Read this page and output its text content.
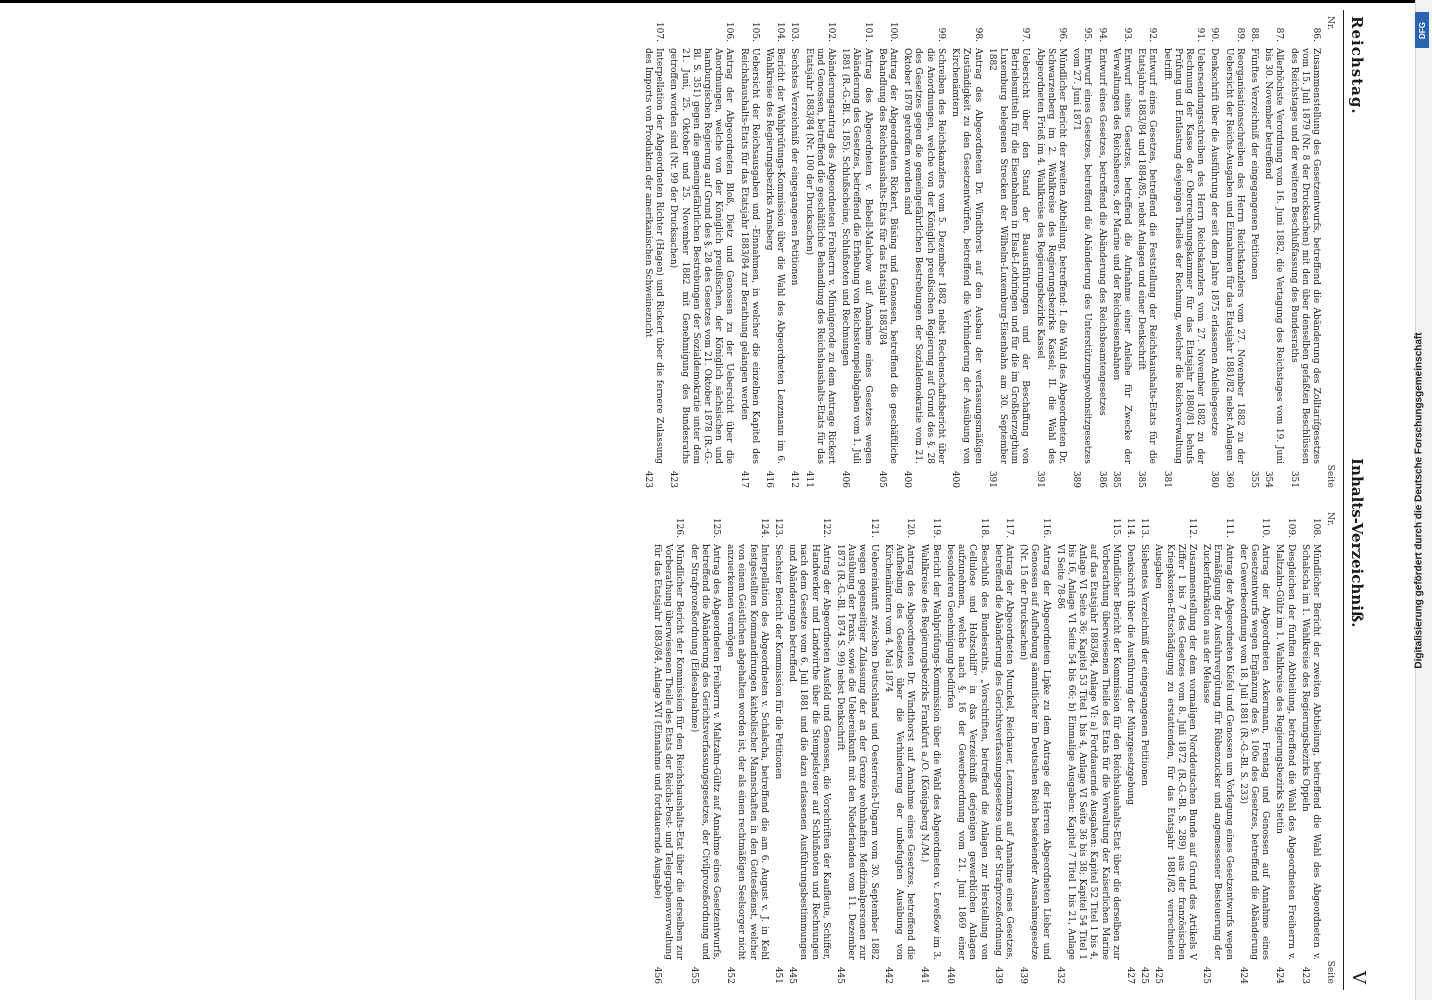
Reichstag.
Inhalts-Verzeichniß.
V
Nr.
Seite
86.
Zusammenstellung des Gesetzentwurfs, betreffend die Abänderung des Zolltarifgesetzes vom 15. Juli 1879 (Nr. 8 der Drucksachen) mit den über denselben gefaßten Beschlüssen des Reichstages und der weiteren Beschlußfassung des Bundesraths
351
87.
Allerhöchste Verordnung vom 16. Juni 1882, die Vertagung des Reichstages vom 19. Juni bis 30. November betreffend
354
88.
Fünftes Verzeichniß der eingegangenen Petitionen
355
89.
Reorganisationsschreiben des Herrn Reichskanzlers vom 27. November 1882 zu der Uebersicht der Reichs-Ausgaben und Einnahmen für das Etatsjahr 1881/82 nebst Anlagen
360
90.
Denkschrift über die Ausführung der seit dem Jahre 1875 erlassenen Anleihegesetze
380
91.
Uebersendungsschreiben des Herrn Reichskanzlers vom 27. November 1882 zu der Rechnung der Kasse der Oberrechnungskammer für das Etatsjahr 1880/81 behufs Prüfung und Entlastung desjenigen Theiles der Rechnung, welcher die Reichsverwaltung betrifft
381
92.
Entwurf eines Gesetzes, betreffend die Feststellung der Reichshaushalts-Etats für die Etatsjahre 1883/84 und 1884/85, nebst Anlagen und einer Denkschrift
385
93.
Entwurf eines Gesetzes, betreffend die Aufnahme einer Anleihe für Zwecke der Verwaltungen des Reichsheeres, der Marine und der Reichseisenbahnen
385
94.
Entwurf eines Gesetzes, betreffend die Abänderung des Reichsbeamtengesetzes
386
95.
Entwurf eines Gesetzes, betreffend die Abänderung des Unterstützungswohnsitzgesetzes vom 27. Juni 1871
389
96.
Mündlicher Bericht der zweiten Abtheilung, betreffend: I. die Wahl des Abgeordneten Dr. Schwarzenberg im 2. Wahlkreise des Regierungsbezirks Kassel; II. die Wahl des Abgeordneten Frieß im 4. Wahlkreise des Regierungsbezirks Kassel
391
97.
Uebersicht über den Stand der Bauausführungen und der Beschaffung von Betriebsmitteln für die Eisenbahnen in Elsaß-Lothringen und für die im Großherzogthum Luxemburg belegenen Strecken der Wilhelm-Luxemburg-Eisenbahn am 30. September 1882
391
98.
Antrag des Abgeordneten Dr. Windthorst auf den Ausbau der verfassungsmäßigen Zuständigkeit zu den Gesetzentwürfen, betreffend die Verhinderung der Ausübung von Kirchenämtern
400
99.
Schreiben des Reichskanzlers vom 5. Dezember 1882 nebst Rechenschaftsbericht über die Anordnungen, welche von der Königlich preußischen Regierung auf Grund des §. 28 des Gesetzes gegen die gemeingefährlichen Bestrebungen der Sozialdemokratie vom 21. Oktober 1878 getroffen worden sind
400
100.
Antrag der Abgeordneten Rickert, Büsing und Genossen, betreffend die geschäftliche Behandlung des Reichshaushalts-Etats für das Etatsjahr 1883/84
405
101.
Antrag des Abgeordneten v. Bebell-Malchow auf Annahme eines Gesetzes wegen Abänderung des Gesetzes, betreffend die Erhebung von Reichsstempelabgaben vom 1. Juli 1881 (R.-G.-Bl. S. 185). Schlußscheine, Schlußnoten und Rechnungen
406
102.
Abänderungsantrag des Abgeordneten Freiherrn v. Minnigerode zu dem Antrage Rickert und Genossen, betreffend die geschäftliche Behandlung des Reichshaushalts-Etats für das Etatsjahr 1883/84 (Nr. 100 der Drucksachen)
411
103.
Sechstes Verzeichniß der eingegangenen Petitionen
412
104.
Bericht der Wahlprüfungs-Kommission über die Wahl des Abgeordneten Lenzmann im 6. Wahlkreise des Regierungsbezirks Arnsberg
416
105.
Uebersicht der Reichsausgaben und -Einnahmen, in welcher die einzelnen Kapitel des Reichshaushalts-Etats für das Etatsjahr 1883/84 zur Berathung gelangen werden
417
106.
Antrag der Abgeordneten Bloß, Dietz und Genossen zu der Uebersicht über die Anordnungen, welche von der Königlich preußischen, der Königlich sächsischen und hamburgischen Regierung auf Grund des §. 28 des Gesetzes vom 21. Oktober 1878 (R.-G.-Bl. S. 351) gegen die gemeingefährlichen Bestrebungen der Sozialdemokratie unter dem 21. Juni, 25. Oktober und 25. November 1882 mit Genehmigung des Bundesraths getroffen worden sind (Nr. 99 der Drucksachen)
423
107.
Interpellation der Abgeordneten Richter (Hagen) und Rickert über die fernere Zulassung des Imports von Produkten der amerikanischen Schweinezucht
423
Nr.
Seite
108.
Mündlicher Bericht der zweiten Abtheilung, betreffend die Wahl des Abgeordneten v. Schalscha im 1. Wahlkreise des Regierungsbezirks Oppeln
423
109.
Desgleichen der fünften Abtheilung, betreffend die Wahl des Abgeordneten Freiherrn v. Maltzahn-Gültz im 1. Wahlkreise des Regierungsbezirks Stettin
424
110.
Antrag der Abgeordneten Ackermann, Frentag und Genossen auf Annahme eines Gesetzentwurfs wegen Ergänzung des §. 100e des Gesetzes, betreffend die Abänderung der Gewerbeordnung vom 18. Juli 1881 (R.-G.-Bl. S. 233)
424
111.
Antrag der Abgeordneten Kiefel und Genossen um Vorlegung eines Gesetzentwurfs wegen Ermäßigung der Ausfuhrvergütung für Rübenzucker und angemessener Besteuerung der Zuckerfabrikation aus der Melasse
425
112.
Zusammenstellung der dem vormaligen Norddeutschen Bunde auf Grund des Artikels V Ziffer 1 bis 7 des Gesetzes vom 8. Juli 1872 (R.-G.-Bl. S. 289) aus der französischen Kriegskosten-Entschädigung zu erstattenden, für das Etatsjahr 1881/82 verrechneten Ausgaben
425
113.
Siebentes Verzeichniß der eingegangenen Petitionen
425
114.
Denkschrift über die Ausführung der Münzgesetzgebung
427
115.
Mündlicher Bericht der Kommission für den Reichshaushalts-Etat über die derselben zur Vorberathung überwiesenen Theile des Etats für die Verwaltung der Kaiserlichen Marine auf das Etatsjahr 1883/84, Anlage VI: a) Fortdauernde Ausgaben: Kapitel 52 Titel 1 bis 4, Anlage VI Seite 36; Kapitel 53 Titel 1 bis 4, Anlage VI Seite 36 bis 38; Kapitel 54 Titel 1 bis 16, Anlage VI Seite 54 bis 66; b) Einmalige Ausgaben: Kapitel 7 Titel 1 bis 21, Anlage VI Seite 78-86
432
116.
Antrag der Abgeordneten Lipke zu dem Antrage der Herren Abgeordneten Lieber und Genossen auf Aufhebung sämmtlicher im Deutschen Reich bestehender Ausnahmegesetze (Nr. 15 der Drucksachen)
439
117.
Antrag der Abgeordneten Munckel, Reichauer, Lenzmann auf Annahme eines Gesetzes, betreffend die Abänderung des Gerichtsverfassungsgesetzes und der Strafprozeßordnung
439
118.
Beschluß des Bundesraths, „Vorschriften, betreffend die Anlagen zur Herstellung von Cellulose und Holzschliff“ in das Verzeichniß derjenigen gewerblichen Anlagen aufzunehmen, welche nach §. 16 der Gewerbeordnung vom 21. Juni 1869 einer besonderen Genehmigung bedürfen
440
119.
Bericht der Wahlprüfungs-Kommission über die Wahl des Abgeordneten v. Leveßow im 3. Wahlkreise des Regierungsbezirks Frankfurt a./O. (Königsberg N./M.)
441
120.
Antrag des Abgeordneten Dr. Windthorst auf Annahme eines Gesetzes, betreffend die Aufhebung des Gesetzes über die Verhinderung der unbefugten Ausübung von Kirchenämtern vom 4. Mai 1874
442
121.
Uebereinkunft zwischen Deutschland und Oesterreich-Ungarn vom 30. September 1882 wegen gegenseitiger Zulassung der an der Grenze wohnhaften Medizinalpersonen zur Ausübung der Praxis, sowie die Uebereinkunft mit den Niederlanden vom 11. Dezember 1873 (R.-G.-Bl. 1874 S. 99) nebst Denkschrift
445
122.
Antrag der Abgeordneten Ausfeld und Genossen, die Vorschriften der Kaufleute, Schiffer, Handwerker und Landwirthe über die Stempelsteuer auf Schlußnoten und Rechnungen nach dem Gesetze vom 6. Juli 1881 und die dazu erlassenen Ausführungsbestimmungen und Abänderungen betreffend
445
123.
Sechster Bericht der Kommission für die Petitionen
451
124.
Interpellation des Abgeordneten v. Schalscha, betreffend die am 6. August v. J. in Kehl festgestellten Kommandirungen katholischer Mannschaften in den Gottesdienst, welcher von einem Geistlichen abgehalten worden ist, der als einen rechtmäßigen Seelsorger nicht anzuerkennen vermögen
452
125.
Antrag des Abgeordneten Freiherrn v. Maltzahn-Gültz auf Annahme eines Gesetzentwurfs, betreffend die Abänderung des Gerichtsverfassungsgesetzes, der Civilprozeßordnung und der Strafprozeßordnung (Eidesabnahme)
455
126.
Mündlicher Bericht der Kommission für den Reichshaushalts-Etat über die derselben zur Vorberathung überwiesenen Theile des Etats der Reichs-Post- und Telegraphenverwaltung für das Etatsjahr 1883/84, Anlage XVI (Einnahme und fortdauernde Ausgabe)
456
DFG
Digitalisierung gefördert durch die Deutsche Forschungsgemeinschaft
